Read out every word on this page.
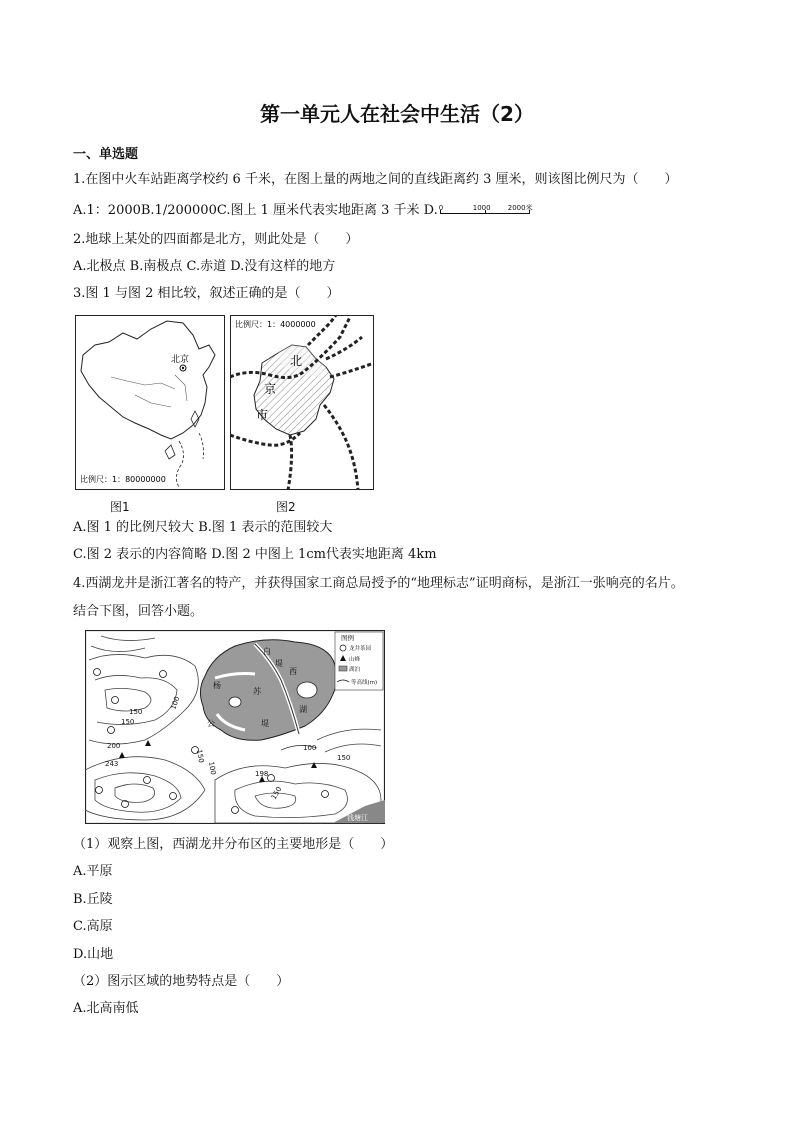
第一单元人在社会中生活（2）
一、单选题
1.在图中火车站距离学校约 6 千米，在图上量的两地之间的直线距离约 3 厘米，则该图比例尺为（　　）
A.1：2000B.1/200000C.图上 1 厘米代表实地距离 3 千米 D. 0	1000 2000米
2.地球上某处的四面都是北方，则此处是（　　）
A.北极点 B.南极点 C.赤道 D.没有这样的地方
3.图 1 与图 2 相比较，叙述正确的是（　　）
北京
比例尺：1：80000000
图1
比例尺：1：4000000
北
京
市
图2
A.图 1 的比例尺较大 B.图 1 表示的范围较大
C.图 2 表示的内容简略 D.图 2 中图上 1cm代表实地距离 4km
4.西湖龙井是浙江著名的特产，并获得国家工商总局授予的“地理标志”证明商标，是浙江一张响亮的名片。
结合下图，回答小题。
白
堤
西
杨
苏
湖
公	堤
100
150
200
243
150
100	198
150
100
150
150
图例
龙井茶园
山峰
湖泊
等高线(m)
钱塘江
（1）观察上图，西湖龙井分布区的主要地形是（　　）
A.平原
B.丘陵
C.高原
D.山地
（2）图示区域的地势特点是（　　）
A.北高南低
